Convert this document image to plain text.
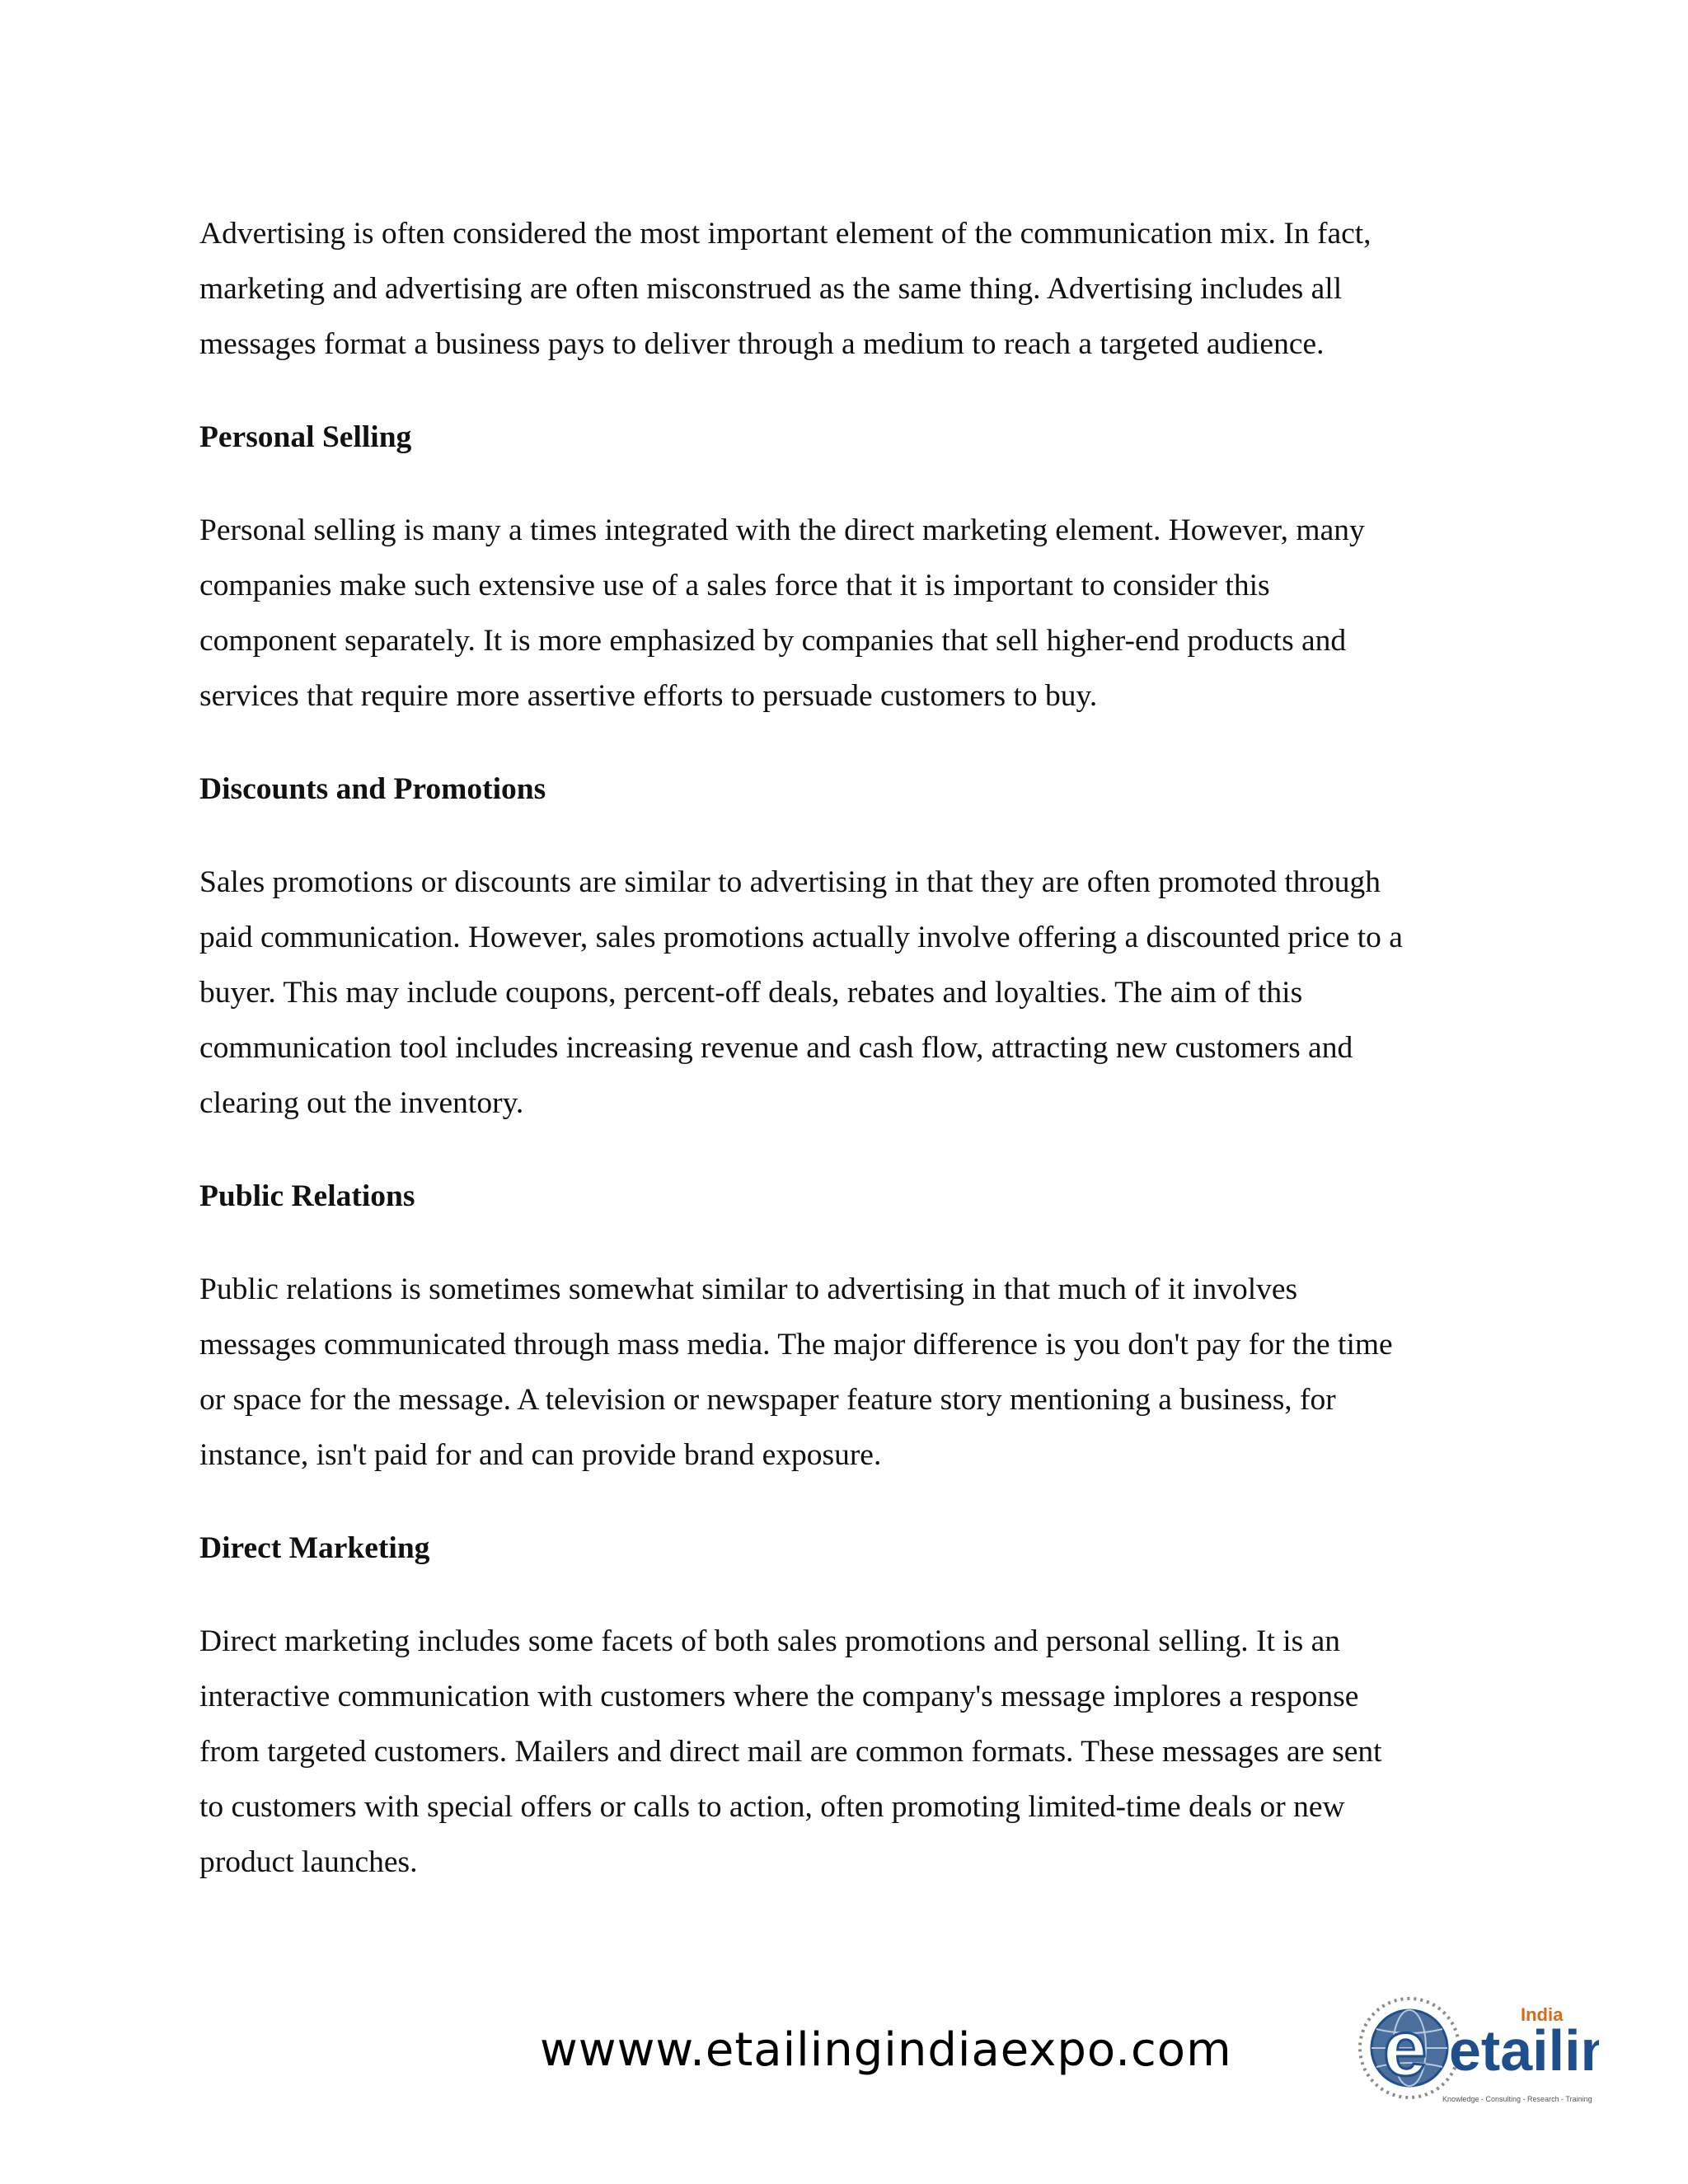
Advertising is often considered the most important element of the communication mix. In fact,
marketing and advertising are often misconstrued as the same thing. Advertising includes all
messages format a business pays to deliver through a medium to reach a targeted audience.

Personal Selling

Personal selling is many a times integrated with the direct marketing element. However, many
companies make such extensive use of a sales force that it is important to consider this
component separately. It is more emphasized by companies that sell higher-end products and
services that require more assertive efforts to persuade customers to buy.

Discounts and Promotions

Sales promotions or discounts are similar to advertising in that they are often promoted through
paid communication. However, sales promotions actually involve offering a discounted price to a
buyer. This may include coupons, percent-off deals, rebates and loyalties. The aim of this
communication tool includes increasing revenue and cash flow, attracting new customers and
clearing out the inventory.

Public Relations

Public relations is sometimes somewhat similar to advertising in that much of it involves
messages communicated through mass media. The major difference is you don't pay for the time
or space for the message. A television or newspaper feature story mentioning a business, for
instance, isn't paid for and can provide brand exposure.

Direct Marketing

Direct marketing includes some facets of both sales promotions and personal selling. It is an
interactive communication with customers where the company's message implores a response
from targeted customers. Mailers and direct mail are common formats. These messages are sent
to customers with special offers or calls to action, often promoting limited-time deals or new
product launches.

wwww.etailingindiaexpo.com e etailin
India
Knowledge - Consulting - Research - Training
